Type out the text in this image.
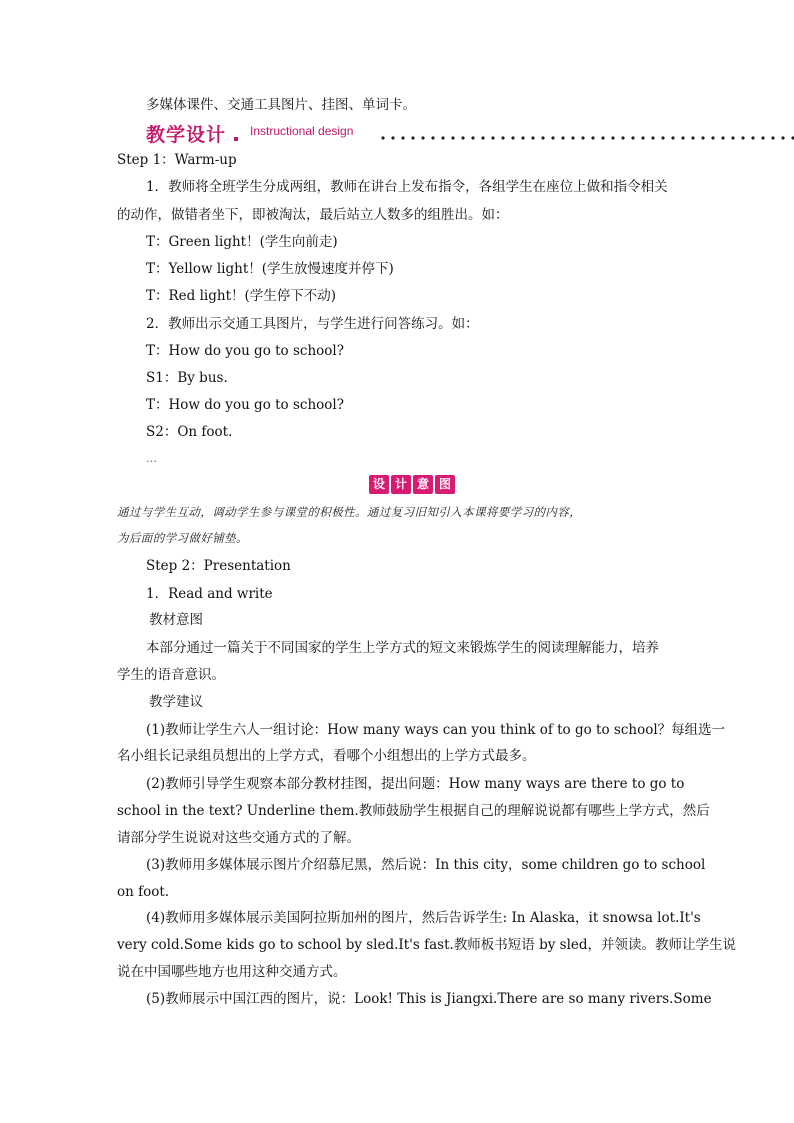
多媒体课件、交通工具图片、挂图、单词卡。
教学设计 Instructional design
Step 1：Warm-up
1．教师将全班学生分成两组，教师在讲台上发布指令，各组学生在座位上做和指令相关
的动作，做错者坐下，即被淘汰，最后站立人数多的组胜出。如：
T：Green light！(学生向前走)
T：Yellow light！(学生放慢速度并停下)
T：Red light！(学生停下不动)
2．教师出示交通工具图片，与学生进行问答练习。如：
T：How do you go to school?
S1：By bus.
T：How do you go to school?
S2：On foot.
…
设 计 意 图
通过与学生互动，调动学生参与课堂的积极性。通过复习旧知引入本课将要学习的内容，
为后面的学习做好铺垫。
Step 2：Presentation
1．Read and write
教材意图
本部分通过一篇关于不同国家的学生上学方式的短文来锻炼学生的阅读理解能力，培养
学生的语音意识。
教学建议
(1)教师让学生六人一组讨论：How many ways can you think of to go to school？每组选一
名小组长记录组员想出的上学方式，看哪个小组想出的上学方式最多。
(2)教师引导学生观察本部分教材挂图，提出问题：How many ways are there to go to
school in the text? Underline them.教师鼓励学生根据自己的理解说说都有哪些上学方式，然后
请部分学生说说对这些交通方式的了解。
(3)教师用多媒体展示图片介绍慕尼黑，然后说：In this city，some children go to school
on foot.
(4)教师用多媒体展示美国阿拉斯加州的图片，然后告诉学生: In Alaska，it snowsa lot.It's
very cold.Some kids go to school by sled.It's fast.教师板书短语 by sled，并领读。教师让学生说
说在中国哪些地方也用这种交通方式。
(5)教师展示中国江西的图片，说：Look! This is Jiangxi.There are so many rivers.Some
